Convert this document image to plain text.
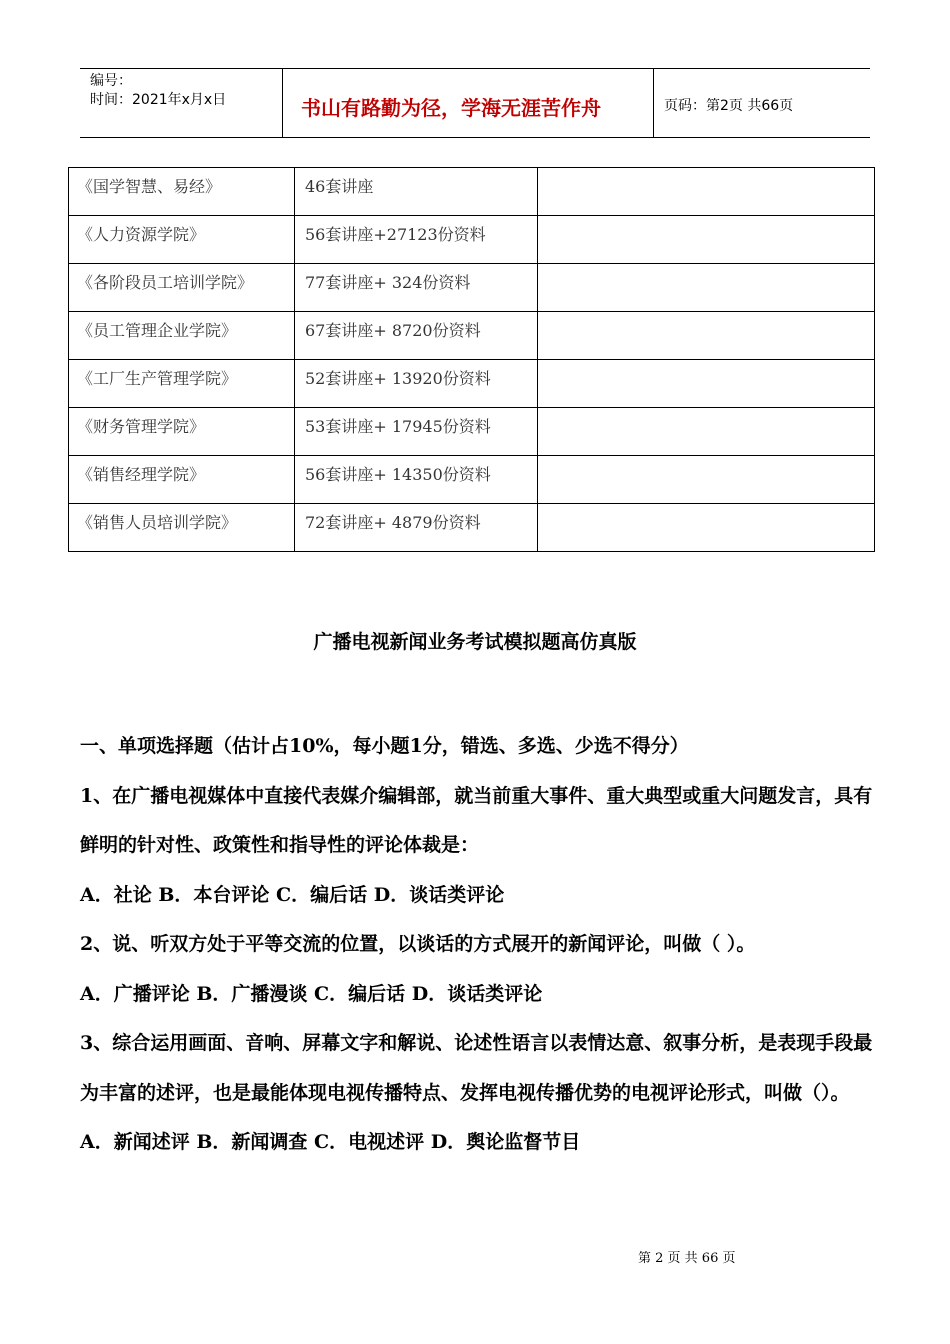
编号：
时间：2021年x月x日	书山有路勤为径，学海无涯苦作舟	页码：第2页 共66页
《国学智慧、易经》	46套讲座	

《人力资源学院》	56套讲座+27123份资料	

《各阶段员工培训学院》	77套讲座+ 324份资料	

《员工管理企业学院》	67套讲座+ 8720份资料	

《工厂生产管理学院》	52套讲座+ 13920份资料	

《财务管理学院》	53套讲座+ 17945份资料	

《销售经理学院》	56套讲座+ 14350份资料	

《销售人员培训学院》	72套讲座+ 4879份资料	

广播电视新闻业务考试模拟题高仿真版

一、单项选择题（估计占10%，每小题1分，错选、多选、少选不得分）

1、在广播电视媒体中直接代表媒介编辑部，就当前重大事件、重大典型或重大问题发言，具有鲜明的针对性、政策性和指导性的评论体裁是：

A．社论 B．本台评论 C．编后话 D．谈话类评论

2、说、听双方处于平等交流的位置，以谈话的方式展开的新闻评论，叫做（ ）。

A．广播评论 B．广播漫谈 C．编后话 D．谈话类评论

3、综合运用画面、音响、屏幕文字和解说、论述性语言以表情达意、叙事分析，是表现手段最为丰富的述评，也是最能体现电视传播特点、发挥电视传播优势的电视评论形式，叫做（）。

A．新闻述评 B．新闻调查 C．电视述评 D．舆论监督节目

第 2 页 共 66 页
